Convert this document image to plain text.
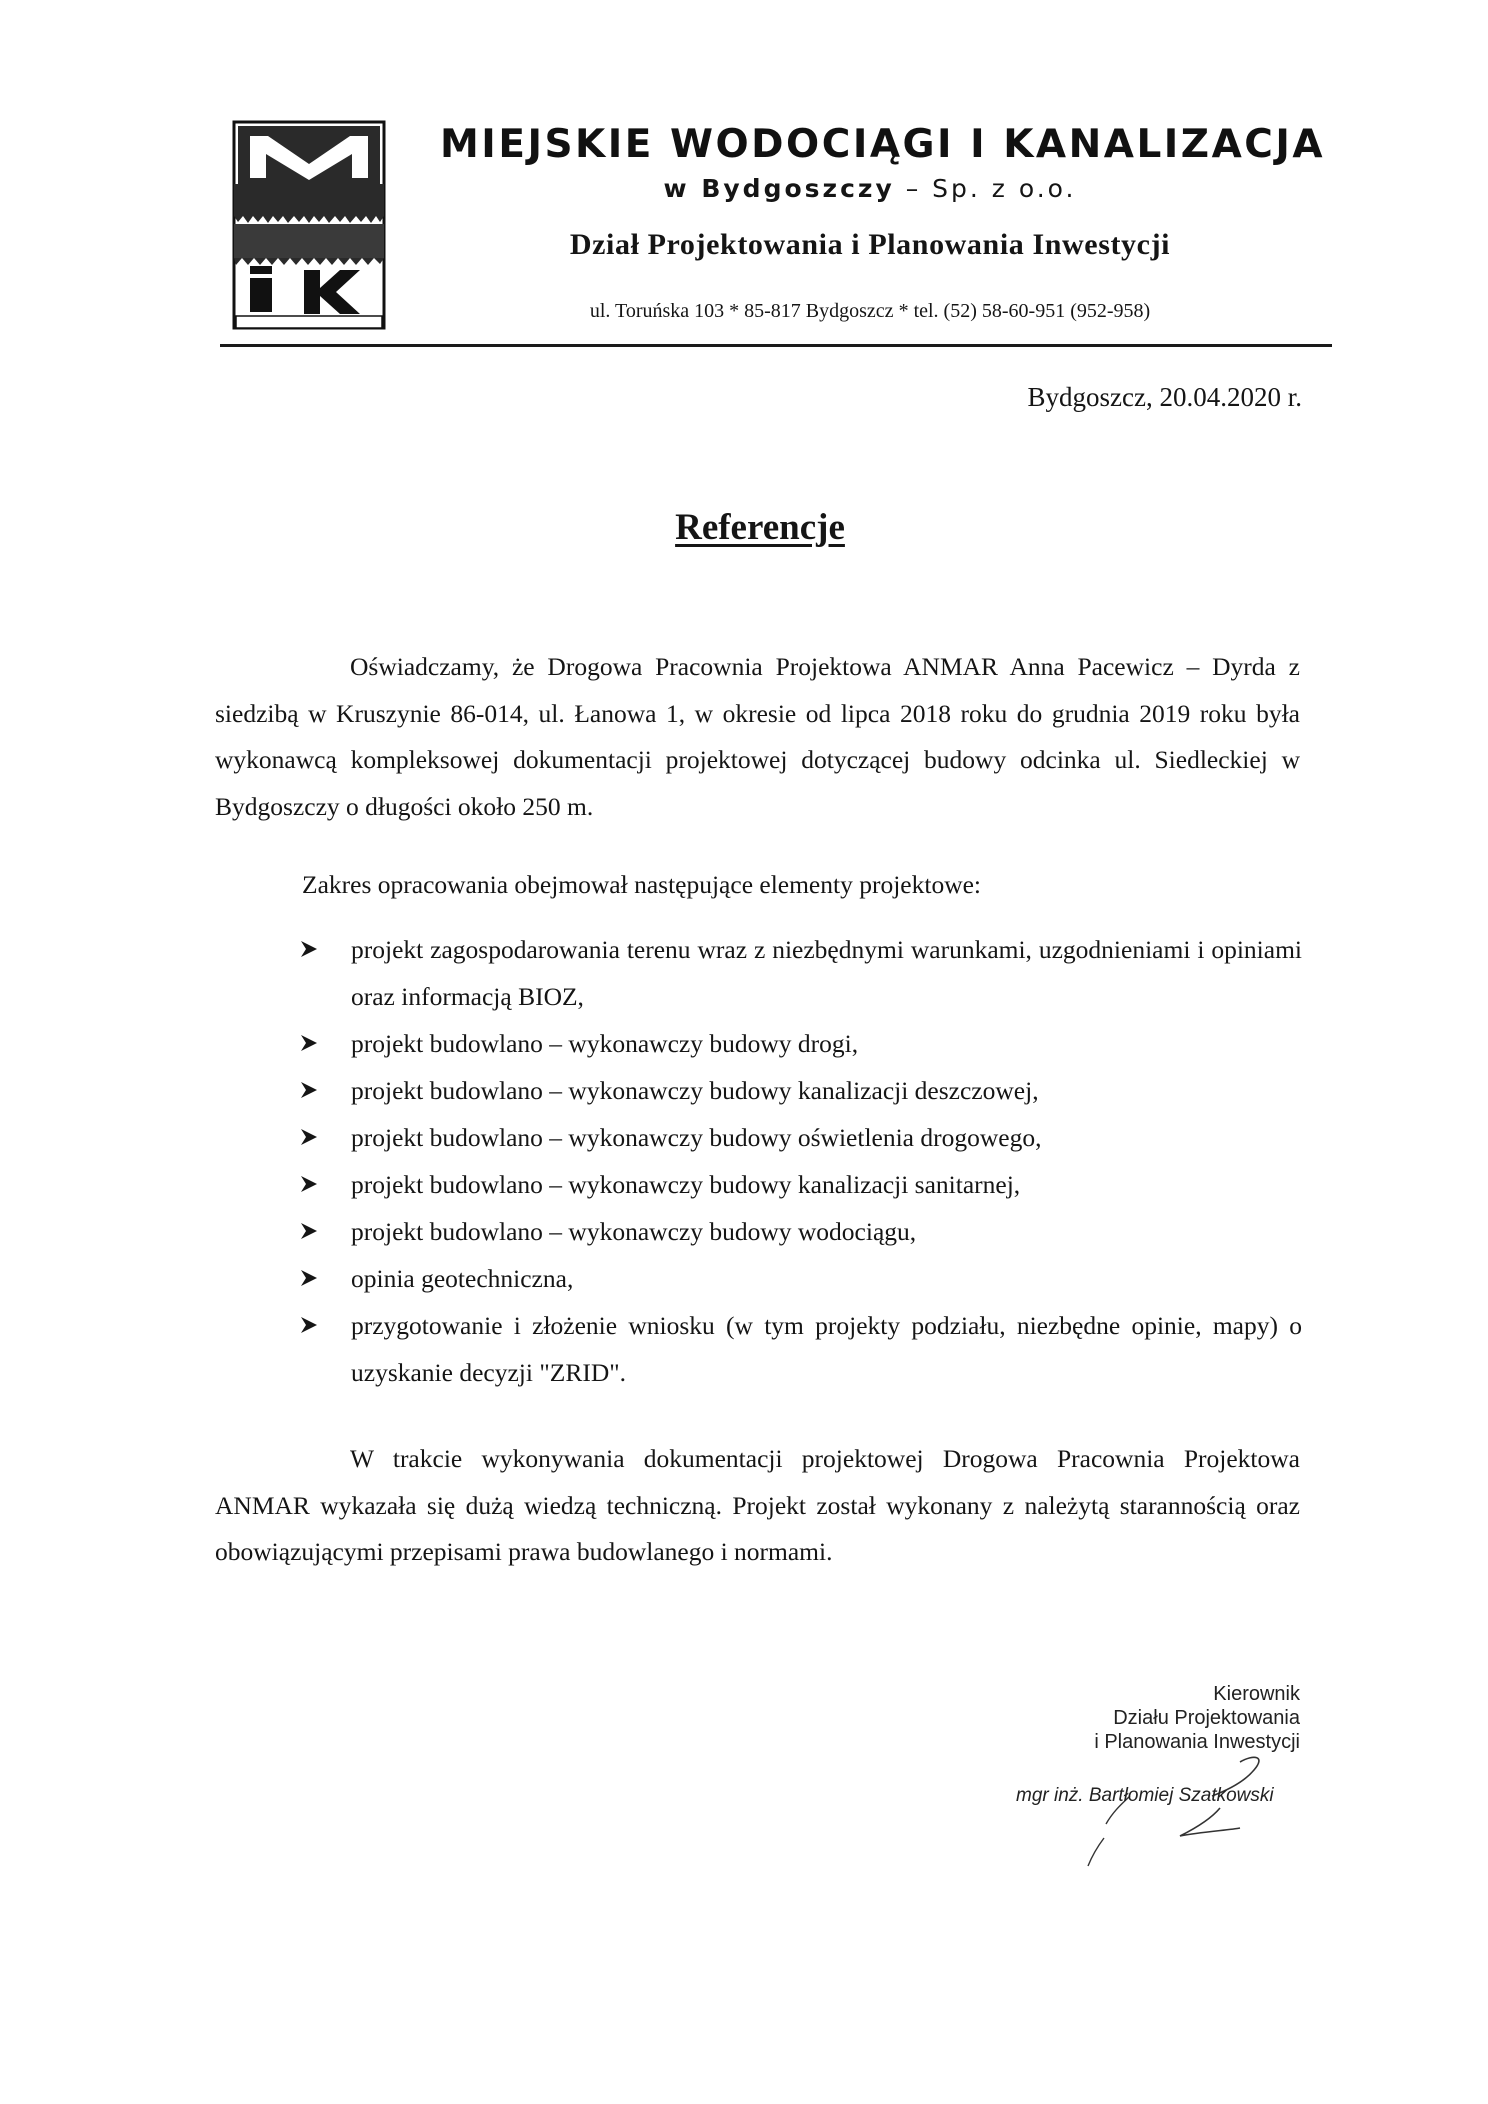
MIEJSKIE WODOCIĄGI I KANALIZACJA
w Bydgoszczy – Sp. z o.o.
Dział Projektowania i Planowania Inwestycji
ul. Toruńska 103 * 85-817 Bydgoszcz * tel. (52) 58-60-951 (952-958)
Bydgoszcz, 20.04.2020 r.
Referencje
Oświadczamy, że Drogowa Pracownia Projektowa ANMAR Anna Pacewicz – Dyrda z siedzibą w Kruszynie 86-014, ul. Łanowa 1, w okresie od lipca 2018 roku do grudnia 2019 roku była wykonawcą kompleksowej dokumentacji projektowej dotyczącej budowy odcinka ul. Siedleckiej w Bydgoszczy o długości około 250 m.
Zakres opracowania obejmował następujące elementy projektowe:
projekt zagospodarowania terenu wraz z niezbędnymi warunkami, uzgodnieniami i opiniami oraz informacją BIOZ,
projekt budowlano – wykonawczy budowy drogi,
projekt budowlano – wykonawczy budowy kanalizacji deszczowej,
projekt budowlano – wykonawczy budowy oświetlenia drogowego,
projekt budowlano – wykonawczy budowy kanalizacji sanitarnej,
projekt budowlano – wykonawczy budowy wodociągu,
opinia geotechniczna,
przygotowanie i złożenie wniosku (w tym projekty podziału, niezbędne opinie, mapy) o uzyskanie decyzji "ZRID".
W trakcie wykonywania dokumentacji projektowej Drogowa Pracownia Projektowa ANMAR wykazała się dużą wiedzą techniczną. Projekt został wykonany z należytą starannością oraz obowiązującymi przepisami prawa budowlanego i normami.
Kierownik
Działu Projektowania
i Planowania Inwestycji
mgr inż. Bartłomiej Szatkowski
